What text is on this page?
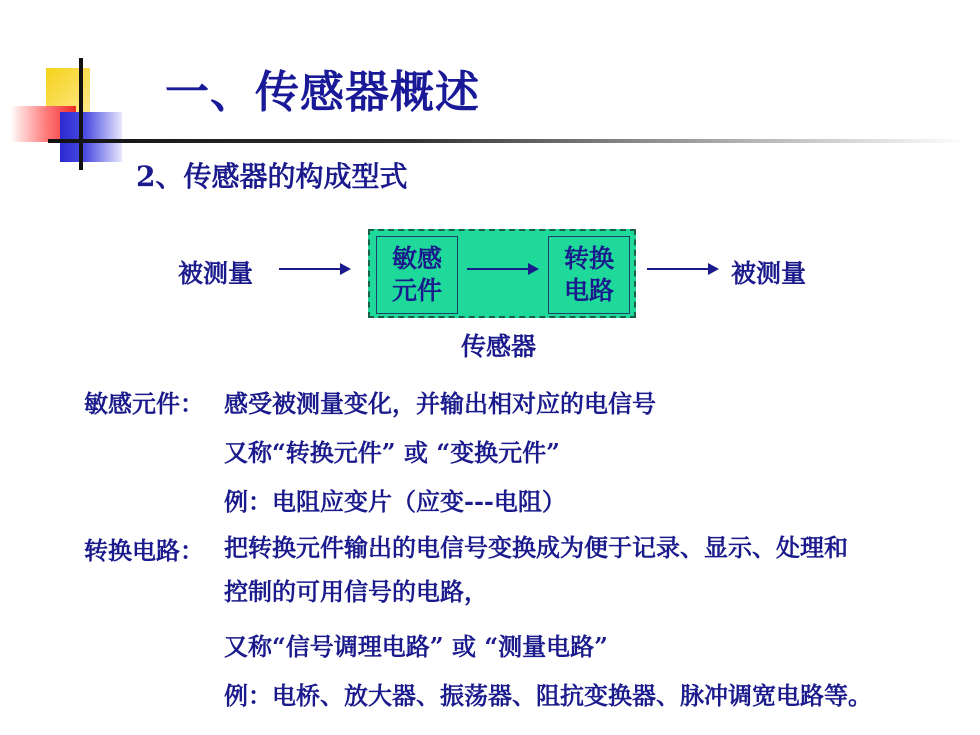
一、传感器概述
2、传感器的构成型式
被测量
敏感
元件
转换
电路
被测量
传感器
敏感元件： 感受被测量变化，并输出相对应的电信号
又称“转换元件” 或 “变换元件”
例：电阻应变片（应变---电阻）
转换电路： 把转换元件输出的电信号变换成为便于记录、显示、处理和
控制的可用信号的电路，
又称“信号调理电路” 或 “测量电路”
例：电桥、放大器、振荡器、阻抗变换器、脉冲调宽电路等。
